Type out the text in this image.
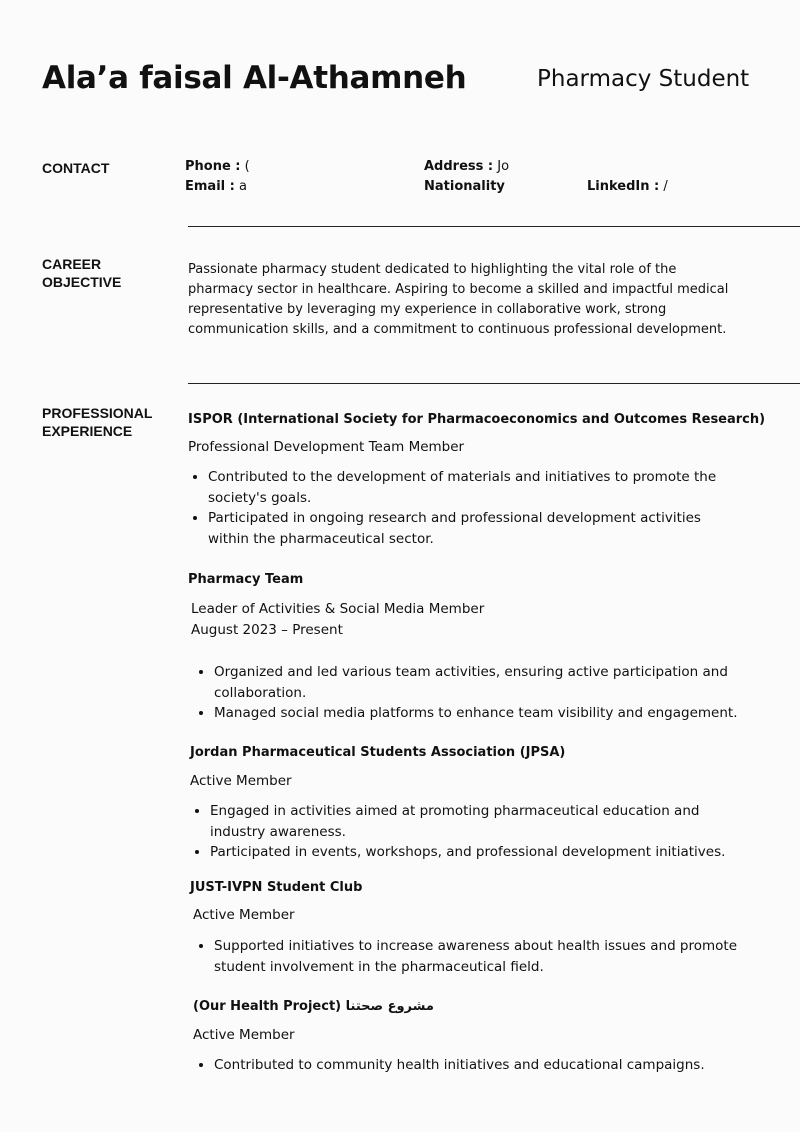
Ala’a faisal Al-Athamneh	Pharmacy Student
CONTACT	Phone : (	Address : Jo
Email : a	Nationality	LinkedIn : /
CAREER
OBJECTIVE
Passionate pharmacy student dedicated to highlighting the vital role of the pharmacy sector in healthcare. Aspiring to become a skilled and impactful medical representative by leveraging my experience in collaborative work, strong communication skills, and a commitment to continuous professional development.
PROFESSIONAL
EXPERIENCE
ISPOR (International Society for Pharmacoeconomics and Outcomes Research)
Professional Development Team Member
• Contributed to the development of materials and initiatives to promote the society's goals.
• Participated in ongoing research and professional development activities within the pharmaceutical sector.
Pharmacy Team
Leader of Activities & Social Media Member
August 2023 – Present
• Organized and led various team activities, ensuring active participation and collaboration.
• Managed social media platforms to enhance team visibility and engagement.
Jordan Pharmaceutical Students Association (JPSA)
Active Member
• Engaged in activities aimed at promoting pharmaceutical education and industry awareness.
• Participated in events, workshops, and professional development initiatives.
JUST-IVPN Student Club
Active Member
• Supported initiatives to increase awareness about health issues and promote student involvement in the pharmaceutical field.
(Our Health Project) مشروع صحتنا
Active Member
• Contributed to community health initiatives and educational campaigns.
